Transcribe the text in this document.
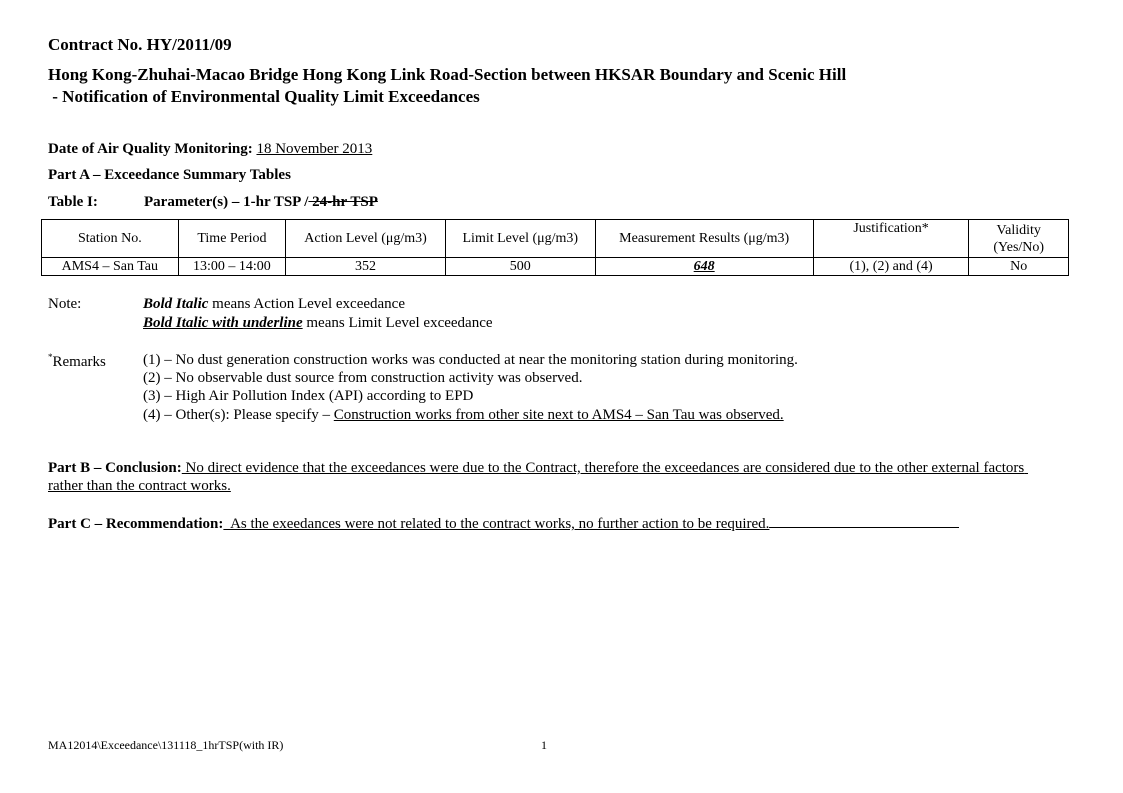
Contract No. HY/2011/09
Hong Kong-Zhuhai-Macao Bridge Hong Kong Link Road-Section between HKSAR Boundary and Scenic Hill
- Notification of Environmental Quality Limit Exceedances
Date of Air Quality Monitoring: 18 November 2013
Part A – Exceedance Summary Tables
Table I:	Parameter(s) – 1-hr TSP / 24-hr TSP
Station No.	Time Period	Action Level (μg/m3)	Limit Level (μg/m3)	Measurement Results (μg/m3)	Justification*	Validity (Yes/No)
AMS4 – San Tau	13:00 – 14:00	352	500	648	(1), (2) and (4)	No
Note:	Bold Italic means Action Level exceedance
Bold Italic with underline means Limit Level exceedance
*Remarks (1) – No dust generation construction works was conducted at near the monitoring station during monitoring.
(2) – No observable dust source from construction activity was observed.
(3) – High Air Pollution Index (API) according to EPD
(4) – Other(s): Please specify – Construction works from other site next to AMS4 – San Tau was observed.
Part B – Conclusion: No direct evidence that the exceedances were due to the Contract, therefore the exceedances are considered due to the other external factors rather than the contract works.
Part C – Recommendation:  As the exeedances were not related to the contract works, no further action to be required.
MA12014\Exceedance\131118_1hrTSP(with IR)	1
